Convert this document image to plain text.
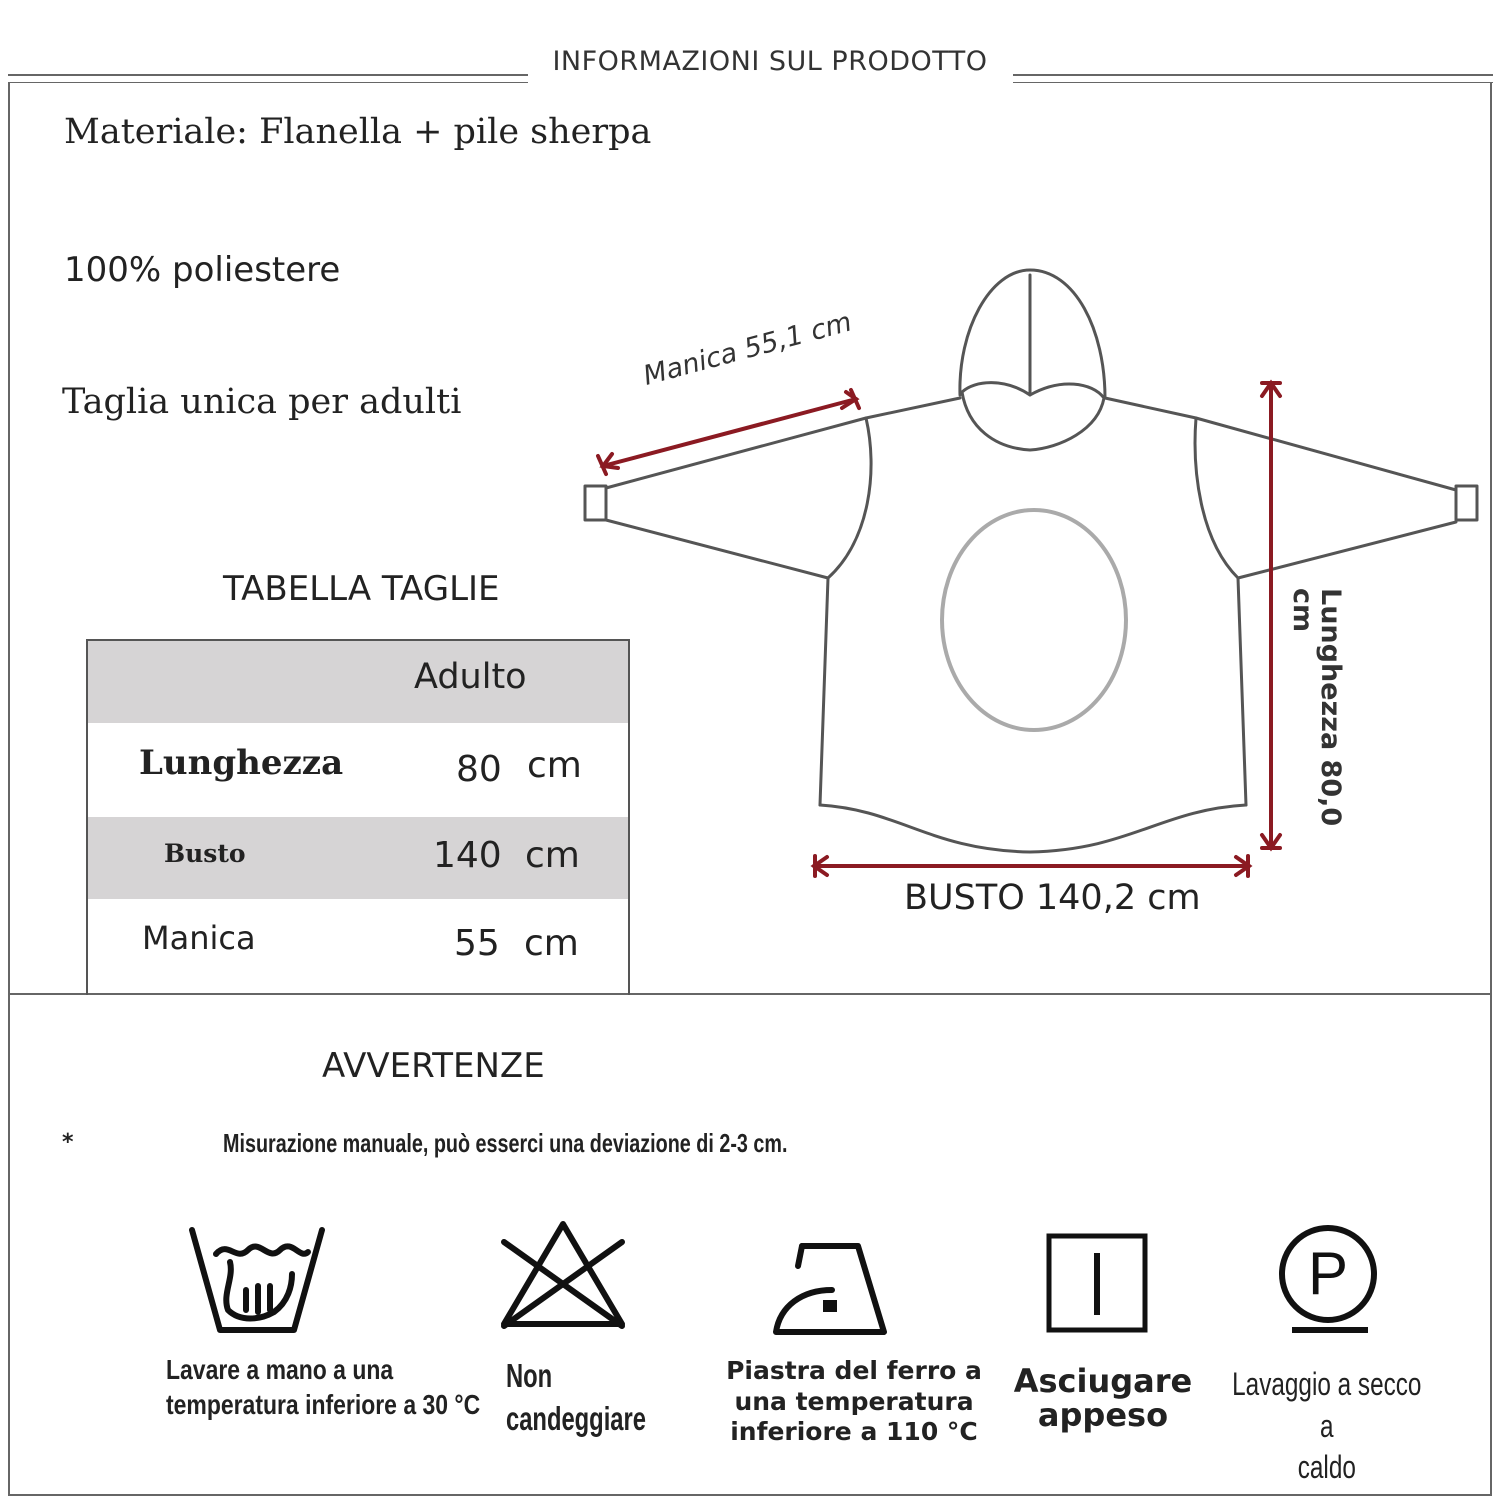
INFORMAZIONI SUL PRODOTTO
Materiale: Flanella + pile sherpa
100% poliestere
Taglia unica per adulti
TABELLA TAGLIE
Adulto
Lunghezza	80 cm
Busto	140 cm
Manica	55 cm
Manica 55,1 cm
Lunghezza 80,0 cm
BUSTO 140,2 cm
AVVERTENZE
*	Misurazione manuale, può esserci una deviazione di 2-3 cm.
P
Lavare a mano a una
temperatura inferiore a 30 °C
Non
candeggiare
Piastra del ferro a
una temperatura
inferiore a 110 °C
Asciugare
appeso
Lavaggio a secco a
caldo
